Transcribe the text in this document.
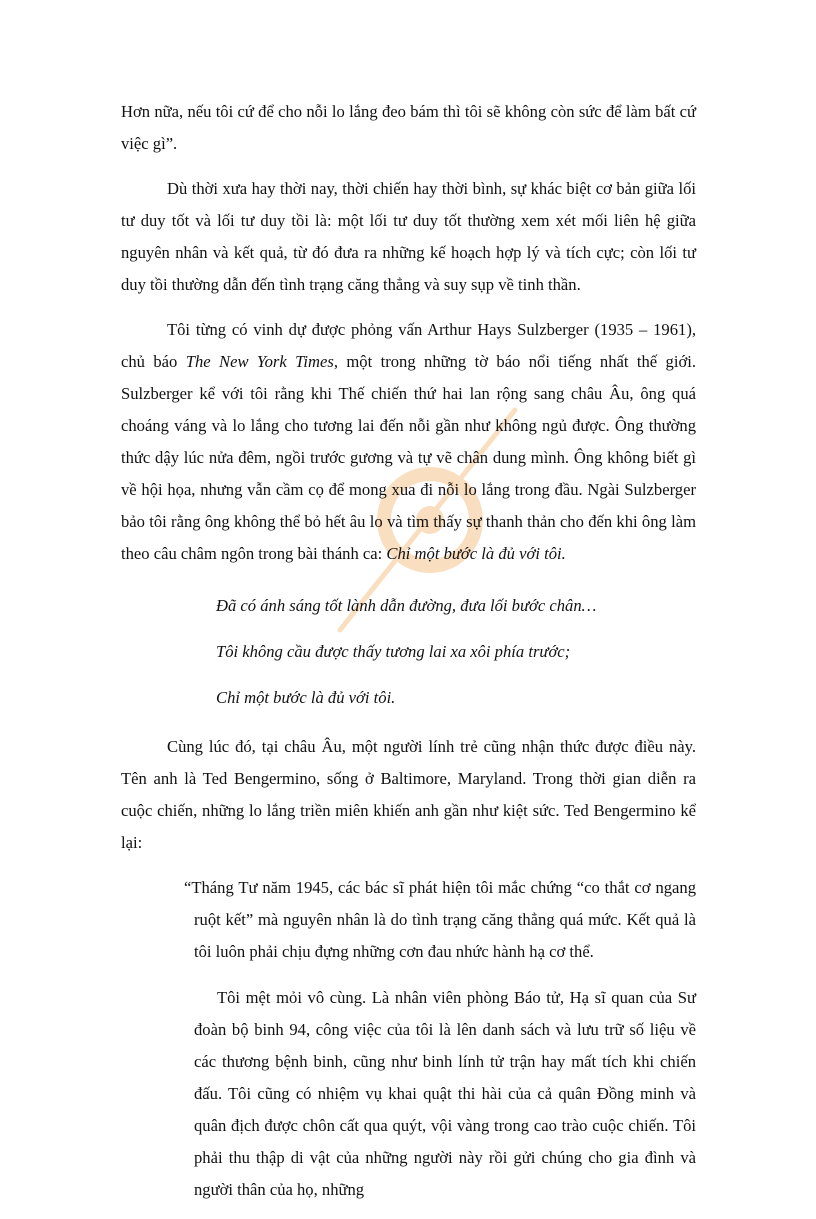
Hơn nữa, nếu tôi cứ để cho nỗi lo lắng đeo bám thì tôi sẽ không còn sức để làm bất cứ việc gì”.

Dù thời xưa hay thời nay, thời chiến hay thời bình, sự khác biệt cơ bản giữa lối tư duy tốt và lối tư duy tồi là: một lối tư duy tốt thường xem xét mối liên hệ giữa nguyên nhân và kết quả, từ đó đưa ra những kế hoạch hợp lý và tích cực; còn lối tư duy tồi thường dẫn đến tình trạng căng thẳng và suy sụp về tinh thần.

Tôi từng có vinh dự được phỏng vấn Arthur Hays Sulzberger (1935 – 1961), chủ báo The New York Times, một trong những tờ báo nổi tiếng nhất thế giới. Sulzberger kể với tôi rằng khi Thế chiến thứ hai lan rộng sang châu Âu, ông quá choáng váng và lo lắng cho tương lai đến nỗi gần như không ngủ được. Ông thường thức dậy lúc nửa đêm, ngồi trước gương và tự vẽ chân dung mình. Ông không biết gì về hội họa, nhưng vẫn cầm cọ để mong xua đi nỗi lo lắng trong đầu. Ngài Sulzberger bảo tôi rằng ông không thể bỏ hết âu lo và tìm thấy sự thanh thản cho đến khi ông làm theo câu châm ngôn trong bài thánh ca: Chỉ một bước là đủ với tôi.

Đã có ánh sáng tốt lành dẫn đường, đưa lối bước chân…
Tôi không cầu được thấy tương lai xa xôi phía trước;
Chỉ một bước là đủ với tôi.

Cùng lúc đó, tại châu Âu, một người lính trẻ cũng nhận thức được điều này. Tên anh là Ted Bengermino, sống ở Baltimore, Maryland. Trong thời gian diễn ra cuộc chiến, những lo lắng triền miên khiến anh gần như kiệt sức. Ted Bengermino kể lại:

“Tháng Tư năm 1945, các bác sĩ phát hiện tôi mắc chứng “co thắt cơ ngang ruột kết” mà nguyên nhân là do tình trạng căng thẳng quá mức. Kết quả là tôi luôn phải chịu đựng những cơn đau nhức hành hạ cơ thể.

Tôi mệt mỏi vô cùng. Là nhân viên phòng Báo tử, Hạ sĩ quan của Sư đoàn bộ binh 94, công việc của tôi là lên danh sách và lưu trữ số liệu về các thương bệnh binh, cũng như binh lính tử trận hay mất tích khi chiến đấu. Tôi cũng có nhiệm vụ khai quật thi hài của cả quân Đồng minh và quân địch được chôn cất qua quýt, vội vàng trong cao trào cuộc chiến. Tôi phải thu thập di vật của những người này rồi gửi chúng cho gia đình và người thân của họ, những
